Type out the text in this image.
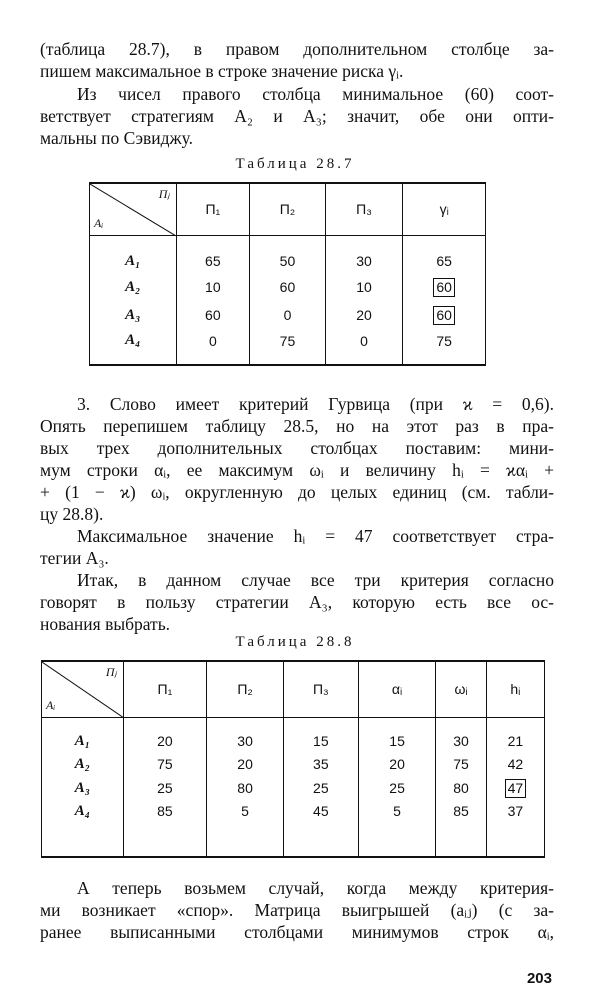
(таблица 28.7), в правом дополнительном столбце за-
пишем максимальное в строке значение риска γᵢ.

Из чисел правого столбца минимальное (60) соот-
ветствует стратегиям A₂ и A₃; значит, обе они опти-
мальны по Сэвиджу.

Таблица 28.7

Πⱼ
Aᵢ	П₁	П₂	П₃	γᵢ
A₁	65	50	30	65
A₂	10	60	10	60
A₃	60	0	20	60
A₄	0	75	0	75

3. Слово имеет критерий Гурвица (при ϰ = 0,6).
Опять перепишем таблицу 28.5, но на этот раз в пра-
вых трех дополнительных столбцах поставим: мини-
мум строки αᵢ, ее максимум ωᵢ и величину hᵢ = ϰαᵢ +
+ (1 − ϰ) ωᵢ, округленную до целых единиц (см. табли-
цу 28.8).

Максимальное значение hᵢ = 47 соответствует стра-
тегии A₃.

Итак, в данном случае все три критерия согласно
говорят в пользу стратегии A₃, которую есть все ос-
нования выбрать.

Таблица 28.8

Πⱼ
Aᵢ	П₁	П₂	П₃	αᵢ	ωᵢ	hᵢ
A₁	20	30	15	15	30	21
A₂	75	20	35	20	75	42
A₃	25	80	25	25	80	47
A₄	85	5	45	5	85	37

А теперь возьмем случай, когда между критерия-
ми возникает «спор». Матрица выигрышей (aᵢⱼ) (с за-
ранее выписанными столбцами минимумов строк αᵢ,

203
